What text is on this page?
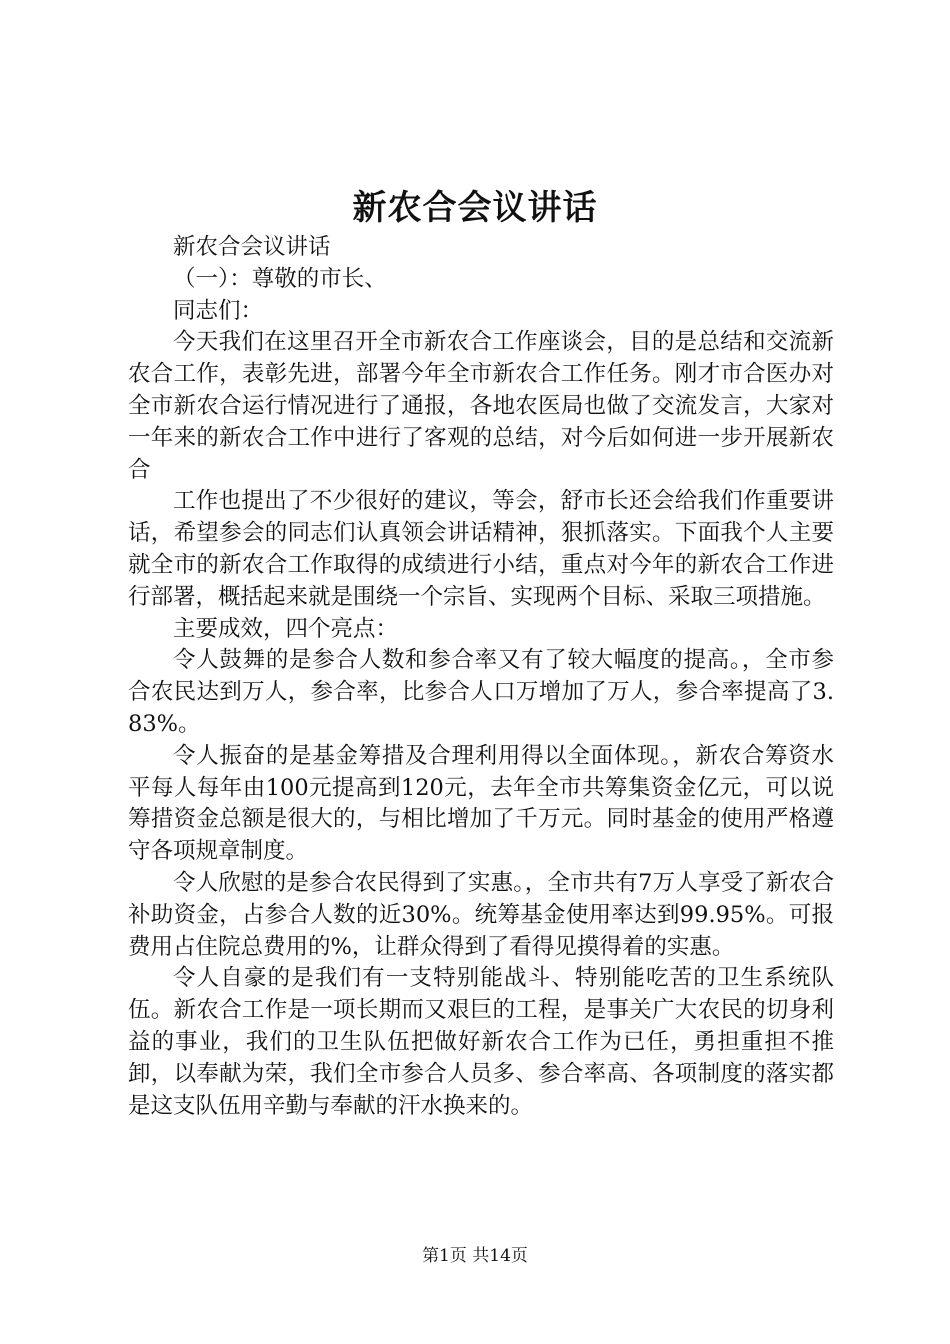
新农合会议讲话

新农合会议讲话

（一）：尊敬的市长、

同志们：

今天我们在这里召开全市新农合工作座谈会，目的是总结和交流新农合工作，表彰先进，部署今年全市新农合工作任务。刚才市合医办对全市新农合运行情况进行了通报，各地农医局也做了交流发言，大家对一年来的新农合工作中进行了客观的总结，对今后如何进一步开展新农合

工作也提出了不少很好的建议，等会，舒市长还会给我们作重要讲话，希望参会的同志们认真领会讲话精神，狠抓落实。下面我个人主要就全市的新农合工作取得的成绩进行小结，重点对今年的新农合工作进行部署，概括起来就是围绕一个宗旨、实现两个目标、采取三项措施。

主要成效，四个亮点：

令人鼓舞的是参合人数和参合率又有了较大幅度的提高。，全市参合农民达到万人，参合率，比参合人口万增加了万人，参合率提高了3.83%。

令人振奋的是基金筹措及合理利用得以全面体现。，新农合筹资水平每人每年由100元提高到120元，去年全市共筹集资金亿元，可以说筹措资金总额是很大的，与相比增加了千万元。同时基金的使用严格遵守各项规章制度。

令人欣慰的是参合农民得到了实惠。，全市共有7万人享受了新农合补助资金，占参合人数的近30%。统筹基金使用率达到99.95%。可报费用占住院总费用的%，让群众得到了看得见摸得着的实惠。

令人自豪的是我们有一支特别能战斗、特别能吃苦的卫生系统队伍。新农合工作是一项长期而又艰巨的工程，是事关广大农民的切身利益的事业，我们的卫生队伍把做好新农合工作为已任，勇担重担不推卸，以奉献为荣，我们全市参合人员多、参合率高、各项制度的落实都是这支队伍用辛勤与奉献的汗水换来的。

第1页 共14页
